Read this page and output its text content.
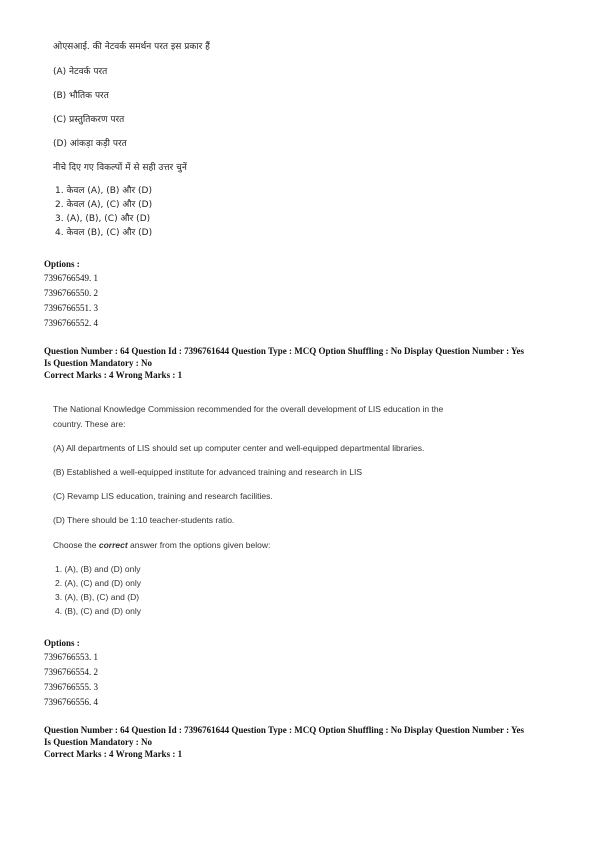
ओएसआई. की नेटवर्क समर्थन परत इस प्रकार हैं
(A) नेटवर्क परत
(B) भौतिक परत
(C) प्रस्तुतिकरण परत
(D) आंकड़ा कड़ी परत
नीचे दिए गए विकल्पों में से सही उत्तर चुनें
1. केवल (A), (B) और (D)
2. केवल (A), (C) और (D)
3. (A), (B), (C) और (D)
4. केवल (B), (C) और (D)
Options :
7396766549. 1
7396766550. 2
7396766551. 3
7396766552. 4
Question Number : 64 Question Id : 7396761644 Question Type : MCQ Option Shuffling : No Display Question Number : Yes
Is Question Mandatory : No
Correct Marks : 4 Wrong Marks : 1
The National Knowledge Commission recommended for the overall development of LIS education in the
country. These are:
(A) All departments of LIS should set up computer center and well-equipped departmental libraries.
(B) Established a well-equipped institute for advanced training and research in LIS
(C) Revamp LIS education, training and research facilities.
(D) There should be 1:10 teacher-students ratio.
Choose the correct answer from the options given below:
1. (A), (B) and (D) only
2. (A), (C) and (D) only
3. (A), (B), (C) and (D)
4. (B), (C) and (D) only
Options :
7396766553. 1
7396766554. 2
7396766555. 3
7396766556. 4
Question Number : 64 Question Id : 7396761644 Question Type : MCQ Option Shuffling : No Display Question Number : Yes
Is Question Mandatory : No
Correct Marks : 4 Wrong Marks : 1
